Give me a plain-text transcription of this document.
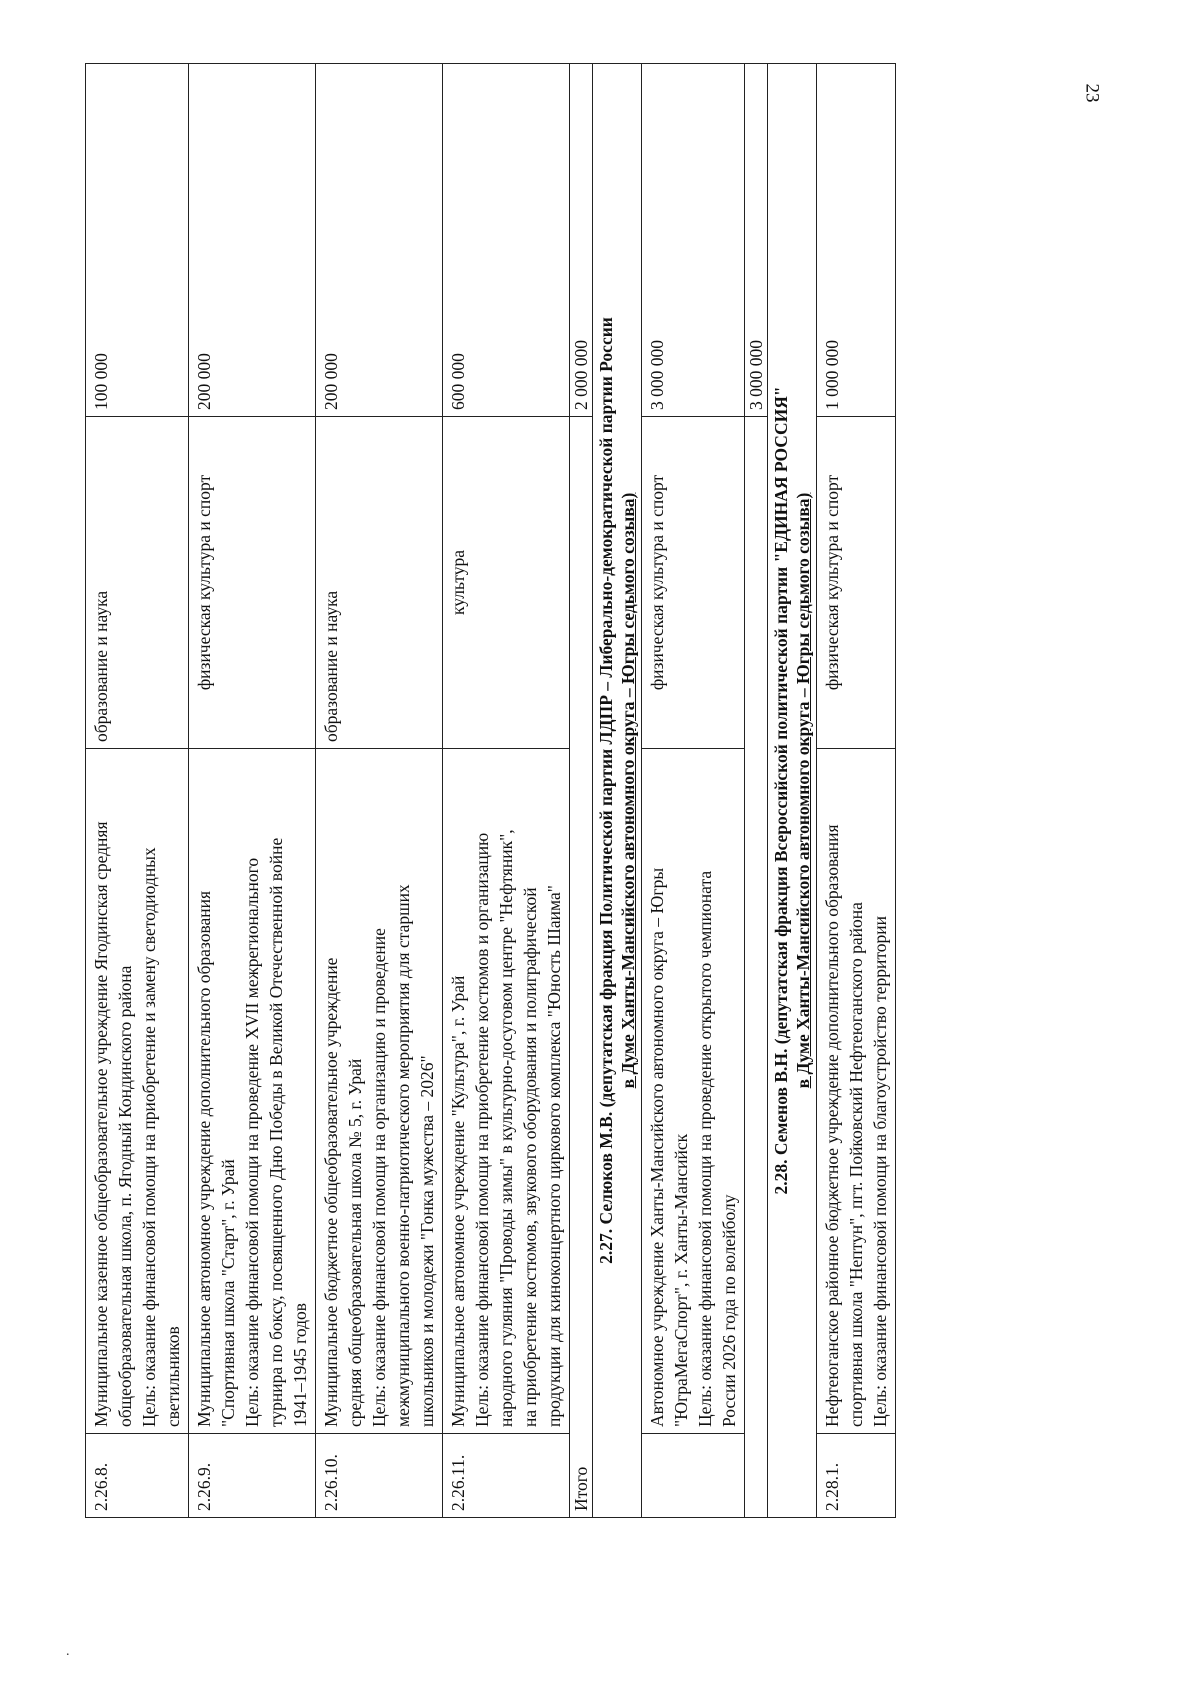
23
2.26.8.	Муниципальное казенное общеобразовательное учреждение Ягодинская средняя общеобразовательная школа, п. Ягодный Кондинского района Цель: оказание финансовой помощи на приобретение и замену светодиодных светильников	образование и наука	100 000
2.26.9.	Муниципальное автономное учреждение дополнительного образования "Спортивная школа "Старт", г. Урай Цель: оказание финансовой помощи на проведение XVII межрегионального турнира по боксу, посвященного Дню Победы в Великой Отечественной войне 1941–1945 годов	физическая культура и спорт	200 000
2.26.10.	Муниципальное бюджетное общеобразовательное учреждение средняя общеобразовательная школа № 5, г. Урай Цель: оказание финансовой помощи на организацию и проведение межмуниципального военно-патриотического мероприятия для старших школьников и молодежи "Гонка мужества – 2026"	образование и наука	200 000
2.26.11.	Муниципальное автономное учреждение "Культура", г. Урай Цель: оказание финансовой помощи на приобретение костюмов и организацию народного гуляния "Проводы зимы" в культурно-досуговом центре "Нефтяник", на приобретение костюмов, звукового оборудования и полиграфической продукции для киноконцертного циркового комплекса "Юность Шаима"	культура	600 000
Итого			2 000 000

2.27. Селюков М.В. (депутатская фракция Политической партии ЛДПР – Либерально-демократической партии России в Думе Ханты-Мансийского автономного округа – Югры седьмого созыва)			

	Автономное учреждение Ханты-Мансийского автономного округа – Югры "ЮграМегаСпорт", г. Ханты-Мансийск Цель: оказание финансовой помощи на проведение открытого чемпионата России 2026 года по волейболу	физическая культура и спорт	3 000 000
			3 000 000

2.28. Семенов В.Н. (депутатская фракция Всероссийской политической партии "ЕДИНАЯ РОССИЯ" в Думе Ханты-Мансийского автономного округа – Югры седьмого созыва)			

2.28.1.	Нефтеюганское районное бюджетное учреждение дополнительного образования спортивная школа "Нептун", пгт. Пойковский Нефтеюганского района Цель: оказание финансовой помощи на благоустройство территории	физическая культура и спорт	1 000 000
.
